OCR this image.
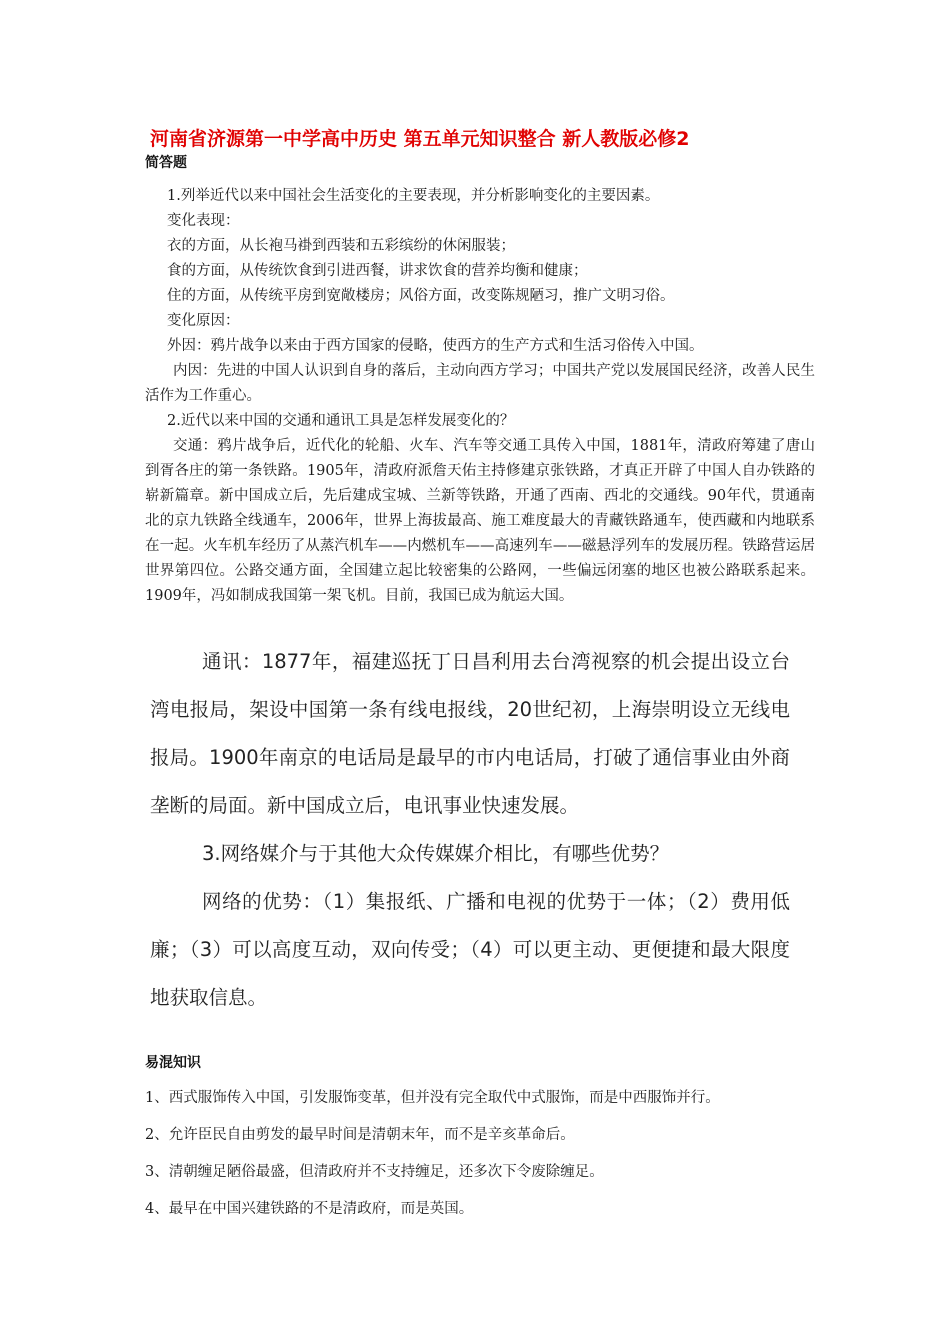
河南省济源第一中学高中历史 第五单元知识整合 新人教版必修2
简答题
1.列举近代以来中国社会生活变化的主要表现，并分析影响变化的主要因素。
变化表现：
衣的方面，从长袍马褂到西装和五彩缤纷的休闲服装；
食的方面，从传统饮食到引进西餐，讲求饮食的营养均衡和健康；
住的方面，从传统平房到宽敞楼房；风俗方面，改变陈规陋习，推广文明习俗。
变化原因：
外因：鸦片战争以来由于西方国家的侵略，使西方的生产方式和生活习俗传入中国。
内因：先进的中国人认识到自身的落后，主动向西方学习；中国共产党以发展国民经济，改善人民生活作为工作重心。
2.近代以来中国的交通和通讯工具是怎样发展变化的？
交通：鸦片战争后，近代化的轮船、火车、汽车等交通工具传入中国，1881年，清政府筹建了唐山到胥各庄的第一条铁路。1905年，清政府派詹天佑主持修建京张铁路，才真正开辟了中国人自办铁路的崭新篇章。新中国成立后，先后建成宝城、兰新等铁路，开通了西南、西北的交通线。90年代，贯通南北的京九铁路全线通车，2006年，世界上海拔最高、施工难度最大的青藏铁路通车，使西藏和内地联系在一起。火车机车经历了从蒸汽机车——内燃机车——高速列车——磁悬浮列车的发展历程。铁路营运居世界第四位。公路交通方面，全国建立起比较密集的公路网，一些偏远闭塞的地区也被公路联系起来。1909年，冯如制成我国第一架飞机。目前，我国已成为航运大国。

通讯：1877年，福建巡抚丁日昌利用去台湾视察的机会提出设立台湾电报局，架设中国第一条有线电报线，20世纪初，上海崇明设立无线电报局。1900年南京的电话局是最早的市内电话局，打破了通信事业由外商垄断的局面。新中国成立后，电讯事业快速发展。

3.网络媒介与于其他大众传媒媒介相比，有哪些优势？

网络的优势：（1）集报纸、广播和电视的优势于一体；（2）费用低廉；（3）可以高度互动，双向传受；（4）可以更主动、更便捷和最大限度地获取信息。

易混知识

1、西式服饰传入中国，引发服饰变革，但并没有完全取代中式服饰，而是中西服饰并行。

2、允许臣民自由剪发的最早时间是清朝末年，而不是辛亥革命后。

3、清朝缠足陋俗最盛，但清政府并不支持缠足，还多次下令废除缠足。

4、最早在中国兴建铁路的不是清政府，而是英国。
